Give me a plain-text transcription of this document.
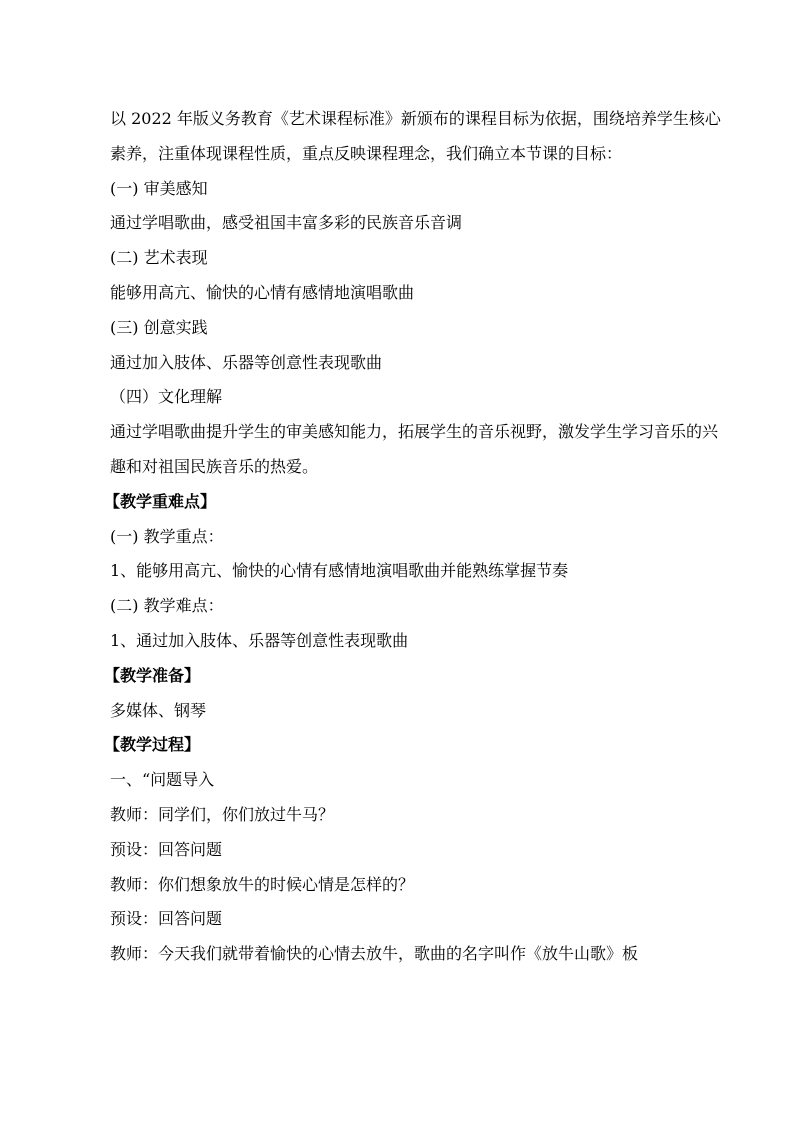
以 2022 年版义务教育《艺术课程标准》新颁布的课程目标为依据，围绕培养学生核心素养，注重体现课程性质，重点反映课程理念，我们确立本节课的目标：

(一) 审美感知

通过学唱歌曲，感受祖国丰富多彩的民族音乐音调

(二) 艺术表现

能够用高亢、愉快的心情有感情地演唱歌曲

(三) 创意实践

通过加入肢体、乐器等创意性表现歌曲

（四）文化理解

通过学唱歌曲提升学生的审美感知能力，拓展学生的音乐视野，激发学生学习音乐的兴趣和对祖国民族音乐的热爱。

【教学重难点】

(一) 教学重点：

1、能够用高亢、愉快的心情有感情地演唱歌曲并能熟练掌握节奏

(二) 教学难点：

1、通过加入肢体、乐器等创意性表现歌曲

【教学准备】

多媒体、钢琴

【教学过程】

一、“问题导入

教师：同学们，你们放过牛马？

预设：回答问题

教师：你们想象放牛的时候心情是怎样的？

预设：回答问题

教师：今天我们就带着愉快的心情去放牛，歌曲的名字叫作《放牛山歌》板
